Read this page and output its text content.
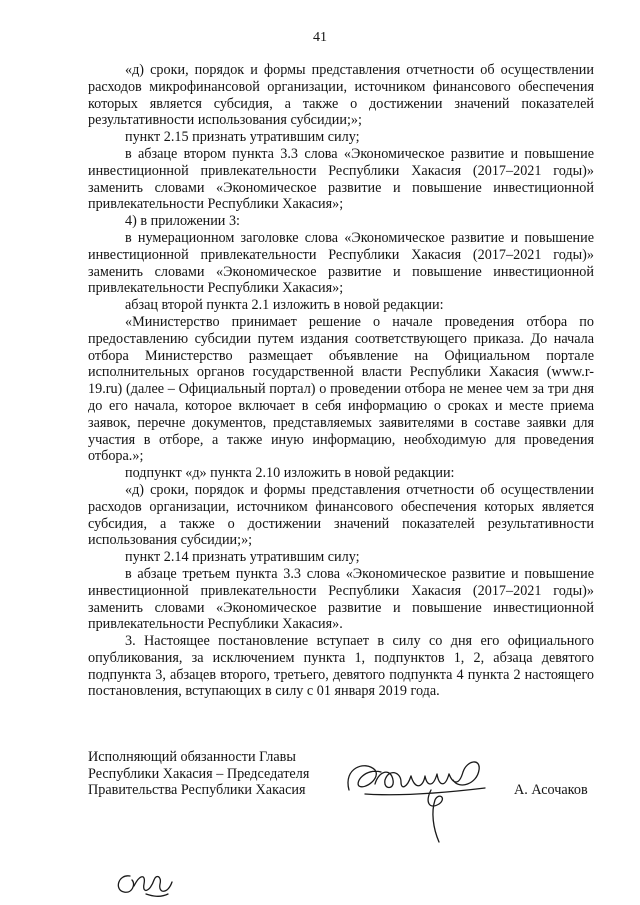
41

«д) сроки, порядок и формы представления отчетности об осуществлении расходов микрофинансовой организации, источником финансового обеспечения которых является субсидия, а также о достижении значений показателей результативности использования субсидии;»;

пункт 2.15 признать утратившим силу;

в абзаце втором пункта 3.3 слова «Экономическое развитие и повышение инвестиционной привлекательности Республики Хакасия (2017–2021 годы)» заменить словами «Экономическое развитие и повышение инвестиционной привлекательности Республики Хакасия»;

4) в приложении 3:

в нумерационном заголовке слова «Экономическое развитие и повышение инвестиционной привлекательности Республики Хакасия (2017–2021 годы)» заменить словами «Экономическое развитие и повышение инвестиционной привлекательности Республики Хакасия»;

абзац второй пункта 2.1 изложить в новой редакции:

«Министерство принимает решение о начале проведения отбора по предоставлению субсидии путем издания соответствующего приказа. До начала отбора Министерство размещает объявление на Официальном портале исполнительных органов государственной власти Республики Хакасия (www.r-19.ru) (далее – Официальный портал) о проведении отбора не менее чем за три дня до его начала, которое включает в себя информацию о сроках и месте приема заявок, перечне документов, представляемых заявителями в составе заявки для участия в отборе, а также иную информацию, необходимую для проведения отбора.»;

подпункт «д» пункта 2.10 изложить в новой редакции:

«д) сроки, порядок и формы представления отчетности об осуществлении расходов организации, источником финансового обеспечения которых является субсидия, а также о достижении значений показателей результативности использования субсидии;»;

пункт 2.14 признать утратившим силу;

в абзаце третьем пункта 3.3 слова «Экономическое развитие и повышение инвестиционной привлекательности Республики Хакасия (2017–2021 годы)» заменить словами «Экономическое развитие и повышение инвестиционной привлекательности Республики Хакасия».

3. Настоящее постановление вступает в силу со дня его официального опубликования, за исключением пункта 1, подпунктов 1, 2, абзаца девятого подпункта 3, абзацев второго, третьего, девятого подпункта 4 пункта 2 настоящего постановления, вступающих в силу с 01 января 2019 года.

Исполняющий обязанности Главы
Республики Хакасия – Председателя
Правительства Республики Хакасия	А. Асочаков
